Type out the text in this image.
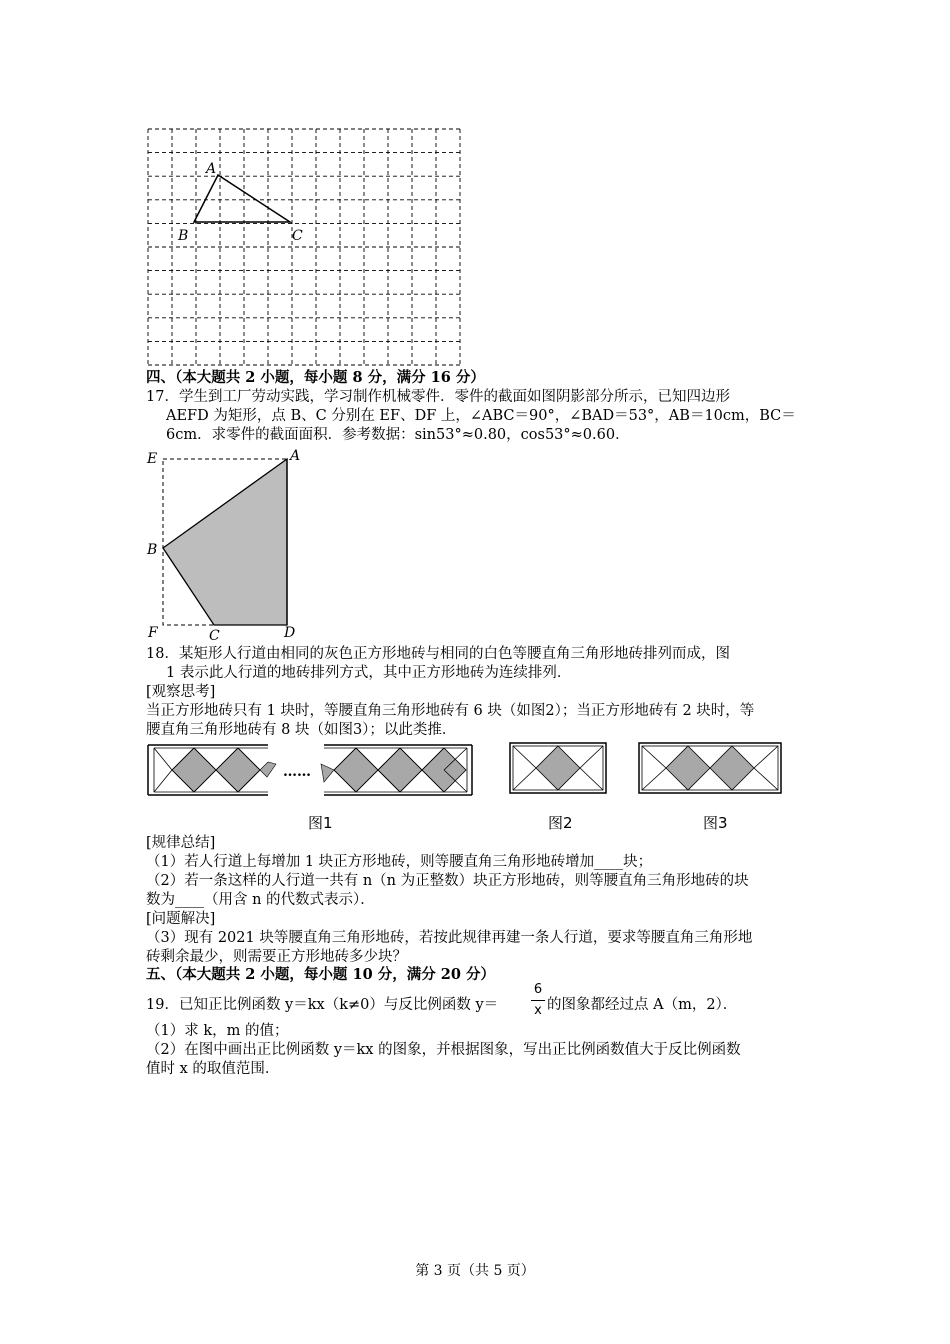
A
B	C
四、（本大题共 2 小题，每小题 8 分，满分 16 分）
17．学生到工厂劳动实践，学习制作机械零件．零件的截面如图阴影部分所示，已知四边形
AEFD 为矩形，点 B、C 分别在 EF、DF 上，∠ABC＝90°，∠BAD＝53°，AB＝10cm，BC＝
6cm．求零件的截面面积．参考数据：sin53°≈0.80，cos53°≈0.60．
E	A
B
F	C	D
18．某矩形人行道由相同的灰色正方形地砖与相同的白色等腰直角三角形地砖排列而成，图
1 表示此人行道的地砖排列方式，其中正方形地砖为连续排列．
[观察思考]
当正方形地砖只有 1 块时，等腰直角三角形地砖有 6 块（如图2）；当正方形地砖有 2 块时，等
腰直角三角形地砖有 8 块（如图3）；以此类推．
……
图1	图2	图3
[规律总结]
（1）若人行道上每增加 1 块正方形地砖，则等腰直角三角形地砖增加____块；
（2）若一条这样的人行道一共有 n（n 为正整数）块正方形地砖，则等腰直角三角形地砖的块
数为____（用含 n 的代数式表示）．
[问题解决]
（3）现有 2021 块等腰直角三角形地砖，若按此规律再建一条人行道，要求等腰直角三角形地
砖剩余最少，则需要正方形地砖多少块？
五、（本大题共 2 小题，每小题 10 分，满分 20 分）
19．已知正比例函数 y＝kx（k≠0）与反比例函数 y＝
6
x 的图象都经过点 A（m，2）．
（1）求 k，m 的值；
（2）在图中画出正比例函数 y＝kx 的图象，并根据图象，写出正比例函数值大于反比例函数
值时 x 的取值范围．
第 3 页（共 5 页）
